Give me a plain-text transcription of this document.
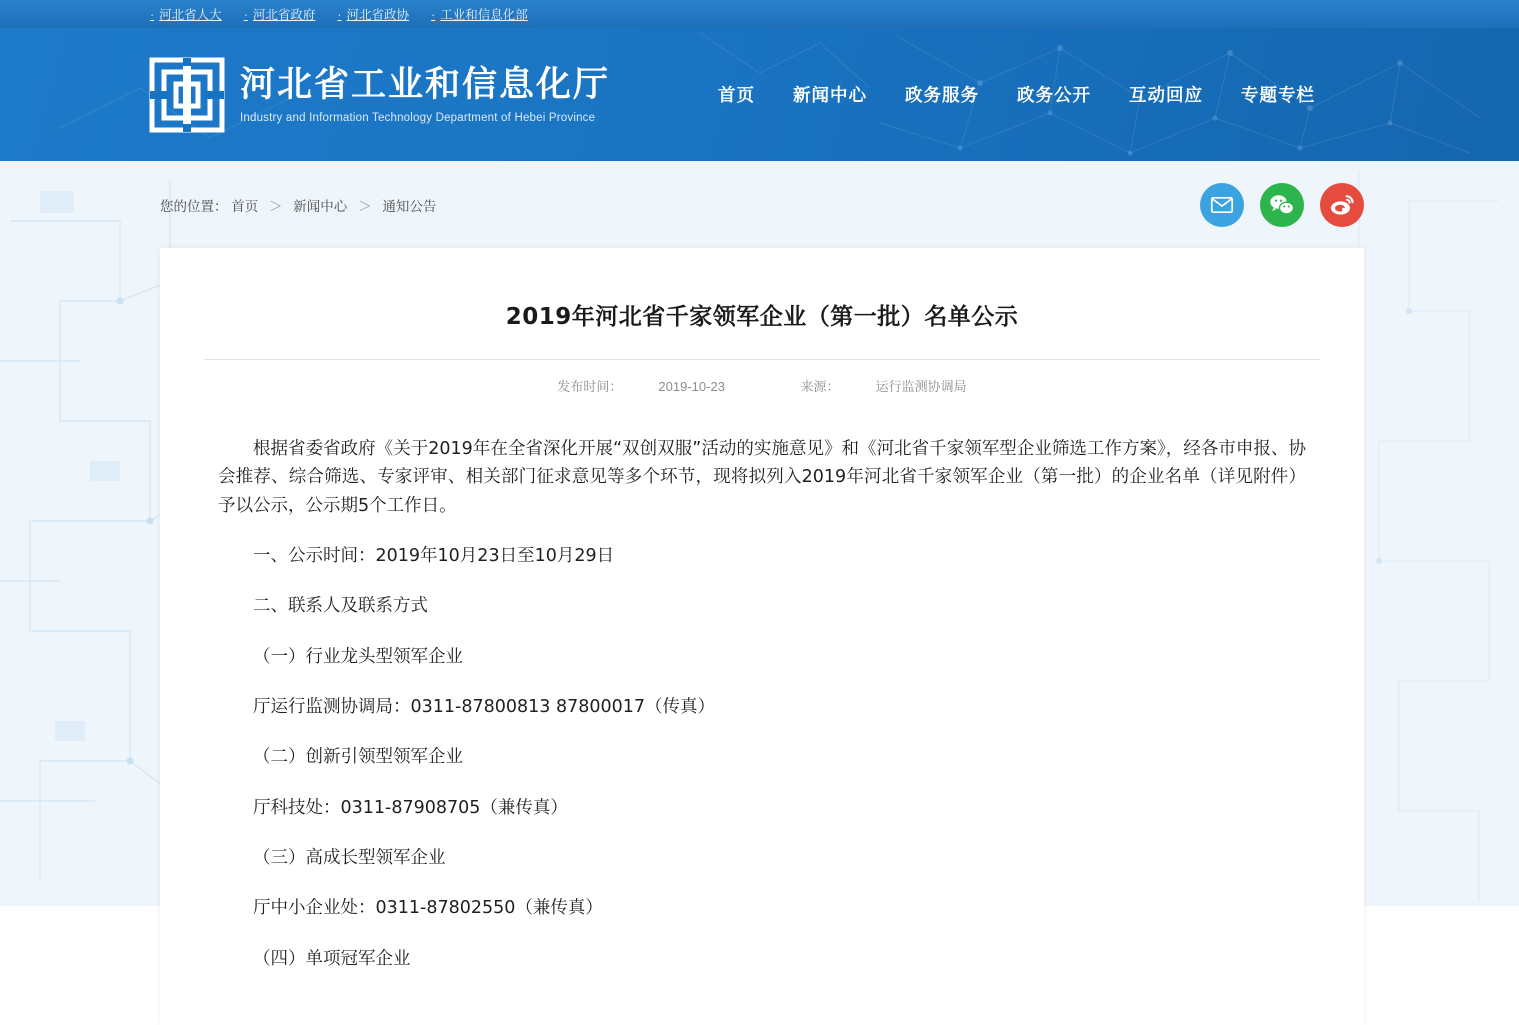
· 河北省人大	· 河北省政府	· 河北省政协	· 工业和信息化部
河北省工业和信息化厅
Industry and Information Technology Department of Hebei Province
首页 新闻中心 政务服务 政务公开 互动回应 专题专栏
您的位置： 首页 ＞ 新闻中心 ＞ 通知公告
2019年河北省千家领军企业（第一批）名单公示
发布时间：	2019-10-23	来源：	运行监测协调局

根据省委省政府《关于2019年在全省深化开展“双创双服”活动的实施意见》和《河北省千家领军型企业筛选工作方案》，经各市申报、协会推荐、综合筛选、专家评审、相关部门征求意见等多个环节，现将拟列入2019年河北省千家领军企业（第一批）的企业名单（详见附件）予以公示，公示期5个工作日。

一、公示时间：2019年10月23日至10月29日

二、联系人及联系方式

（一）行业龙头型领军企业

厅运行监测协调局：0311-87800813 87800017（传真）

（二）创新引领型领军企业

厅科技处：0311-87908705（兼传真）

（三）高成长型领军企业

厅中小企业处：0311-87802550（兼传真）

（四）单项冠军企业
